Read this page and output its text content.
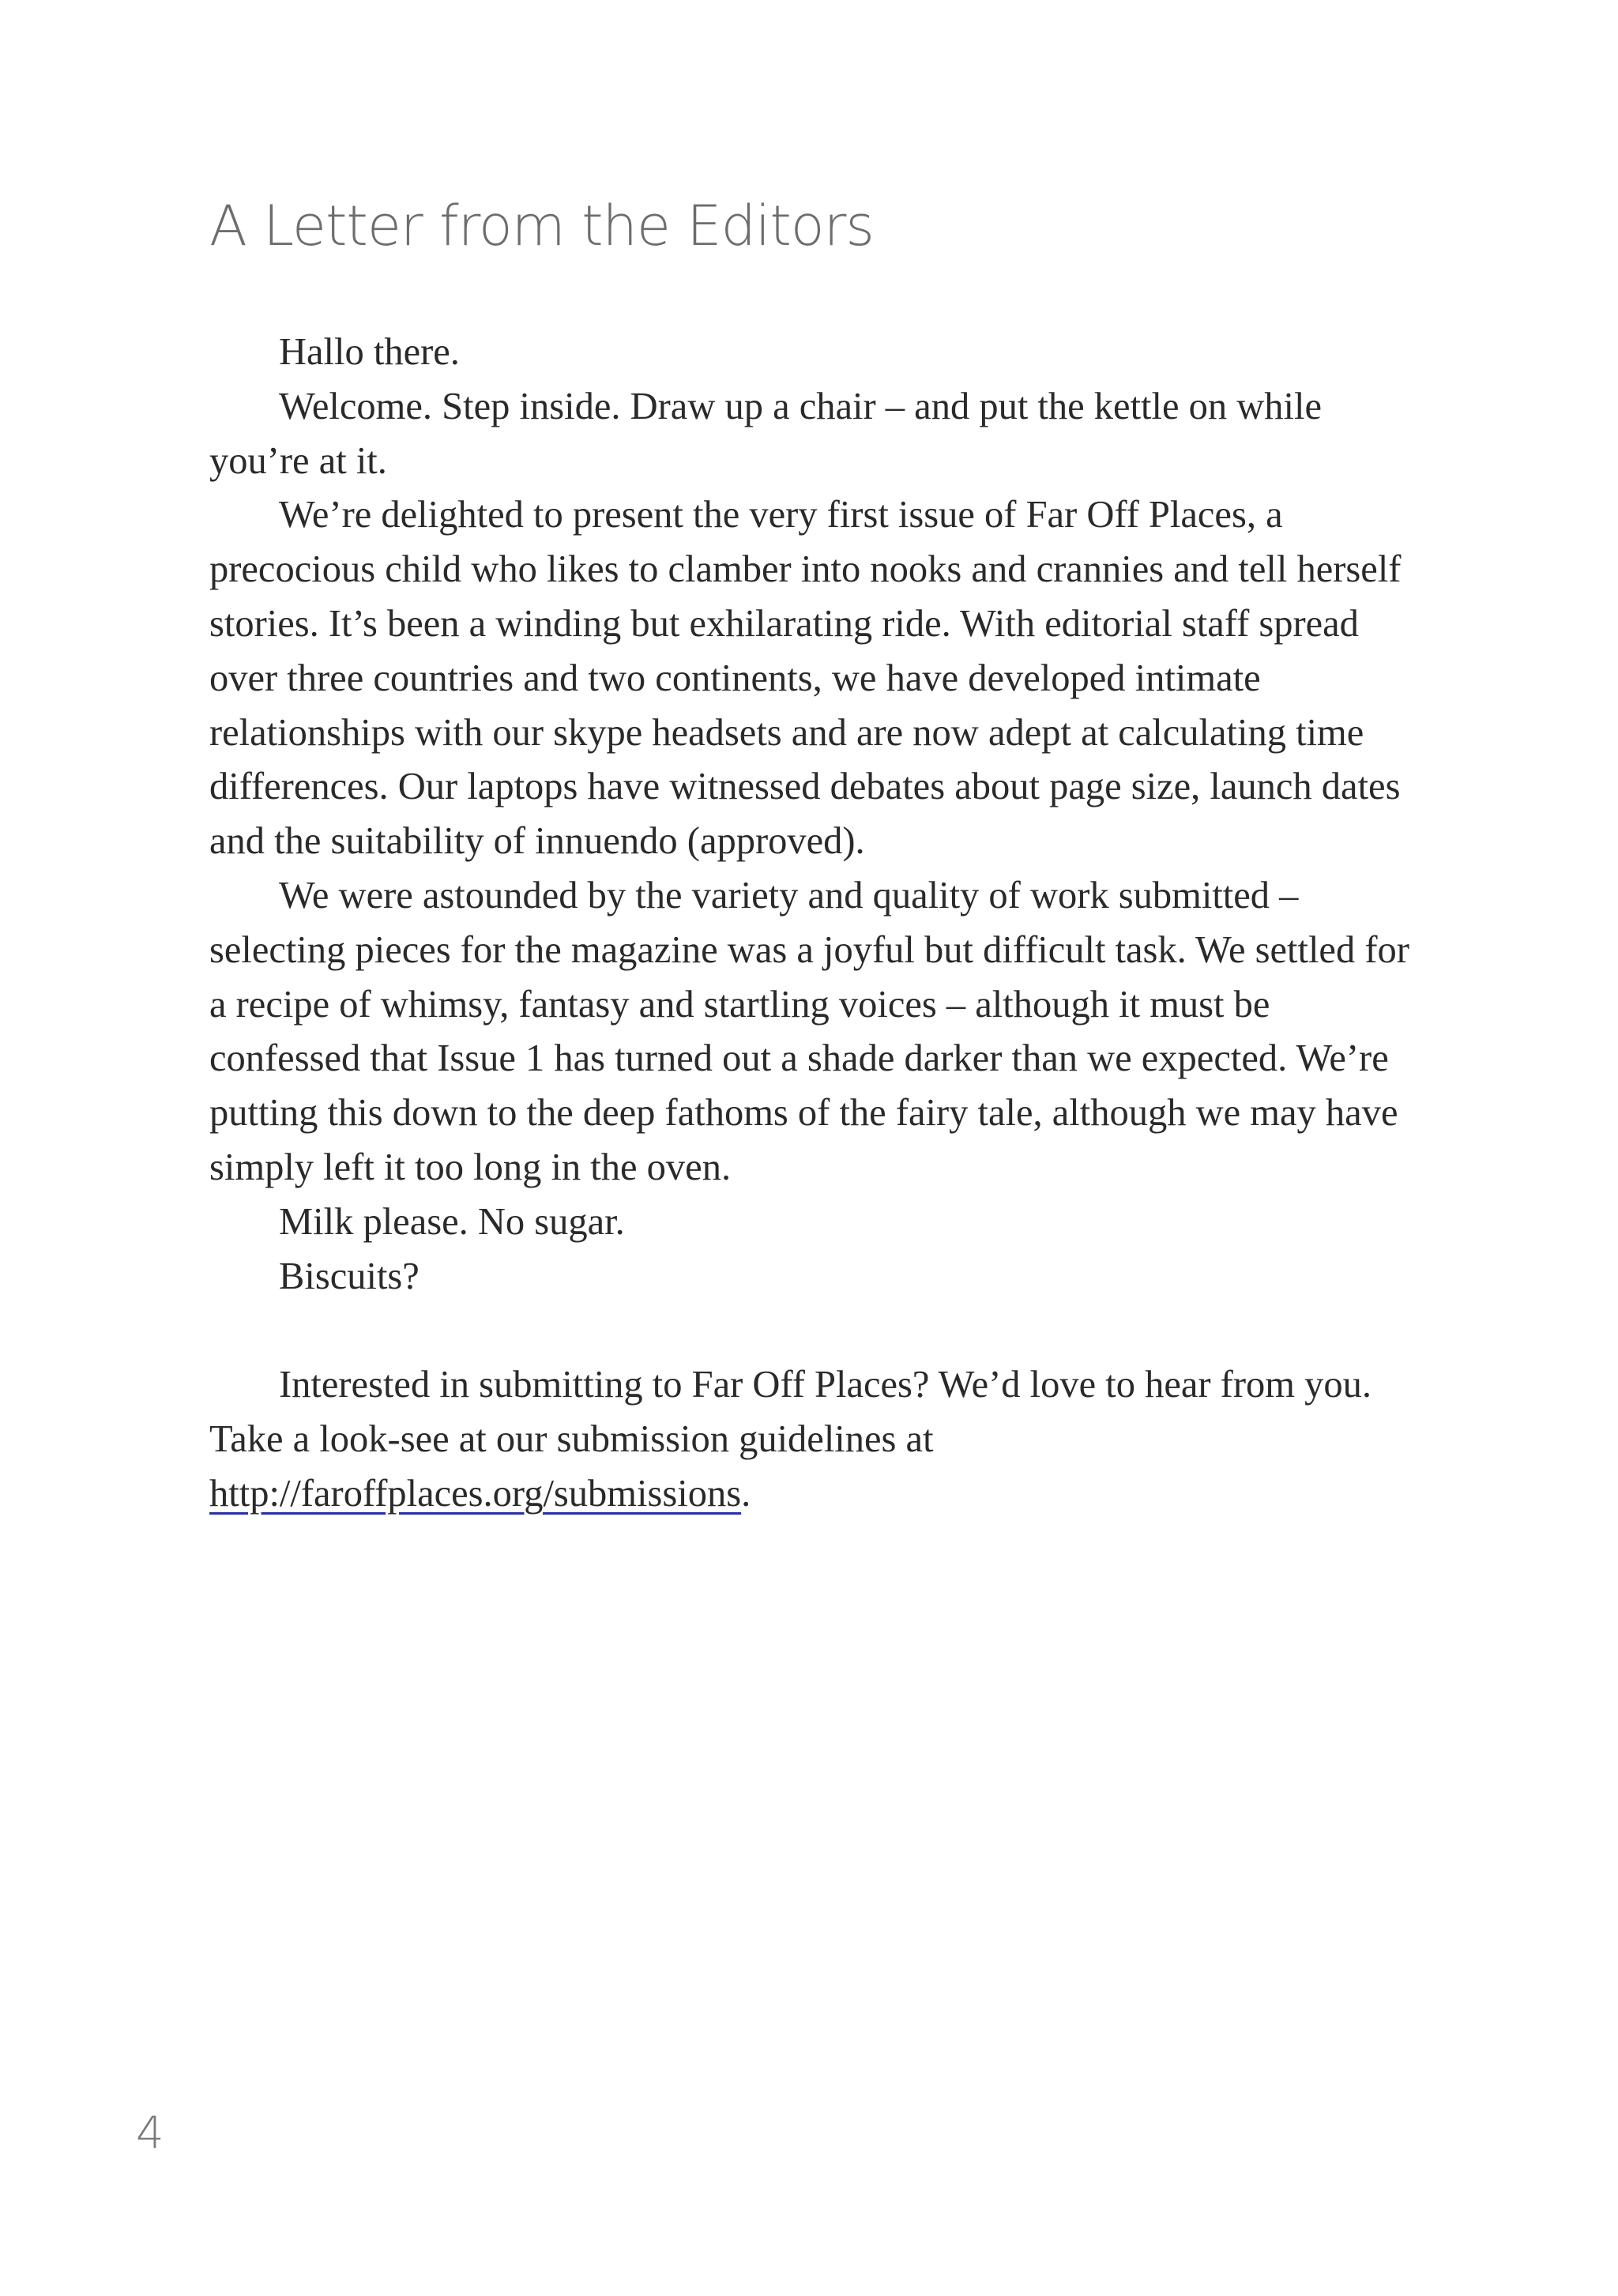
A Letter from the Editors

Hallo there.

Welcome. Step inside. Draw up a chair – and put the kettle on while you’re at it.

We’re delighted to present the very first issue of Far Off Places, a precocious child who likes to clamber into nooks and crannies and tell herself stories. It’s been a winding but exhilarating ride. With editorial staff spread over three countries and two continents, we have developed intimate relationships with our skype headsets and are now adept at calculating time differences. Our laptops have witnessed debates about page size, launch dates and the suitability of innuendo (approved).

We were astounded by the variety and quality of work submitted – selecting pieces for the magazine was a joyful but difficult task. We settled for a recipe of whimsy, fantasy and startling voices – although it must be confessed that Issue 1 has turned out a shade darker than we expected. We’re putting this down to the deep fathoms of the fairy tale, although we may have simply left it too long in the oven.

Milk please. No sugar.

Biscuits?

Interested in submitting to Far Off Places? We’d love to hear from you. Take a look-see at our submission guidelines at http://faroffplaces.org/submissions.

4
